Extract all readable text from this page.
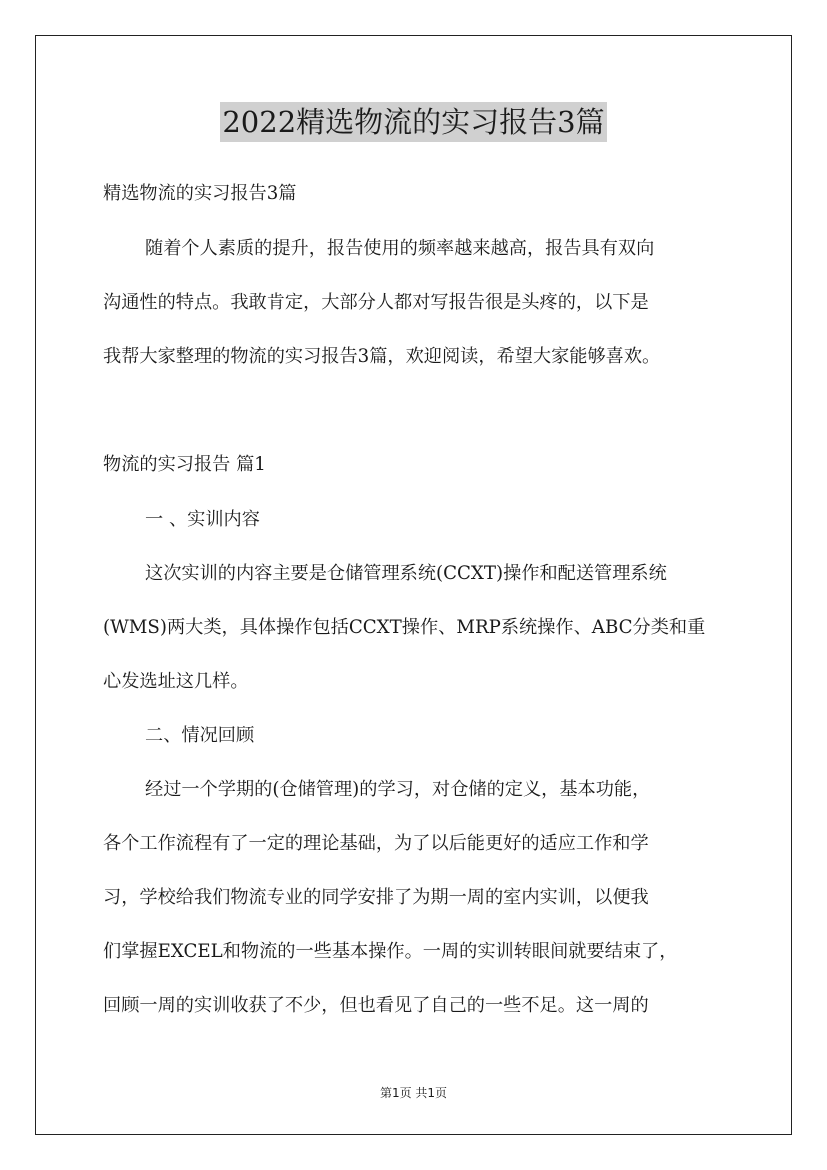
2022精选物流的实习报告3篇
精选物流的实习报告3篇
随着个人素质的提升，报告使用的频率越来越高，报告具有双向
沟通性的特点。我敢肯定，大部分人都对写报告很是头疼的，以下是
我帮大家整理的物流的实习报告3篇，欢迎阅读，希望大家能够喜欢。
物流的实习报告 篇1
一 、实训内容
这次实训的内容主要是仓储管理系统(CCXT)操作和配送管理系统
(WMS)两大类，具体操作包括CCXT操作、MRP系统操作、ABC分类和重
心发选址这几样。
二、情况回顾
经过一个学期的(仓储管理)的学习，对仓储的定义，基本功能，
各个工作流程有了一定的理论基础，为了以后能更好的适应工作和学
习，学校给我们物流专业的同学安排了为期一周的室内实训，以便我
们掌握EXCEL和物流的一些基本操作。一周的实训转眼间就要结束了，
回顾一周的实训收获了不少，但也看见了自己的一些不足。这一周的
第1页 共1页
